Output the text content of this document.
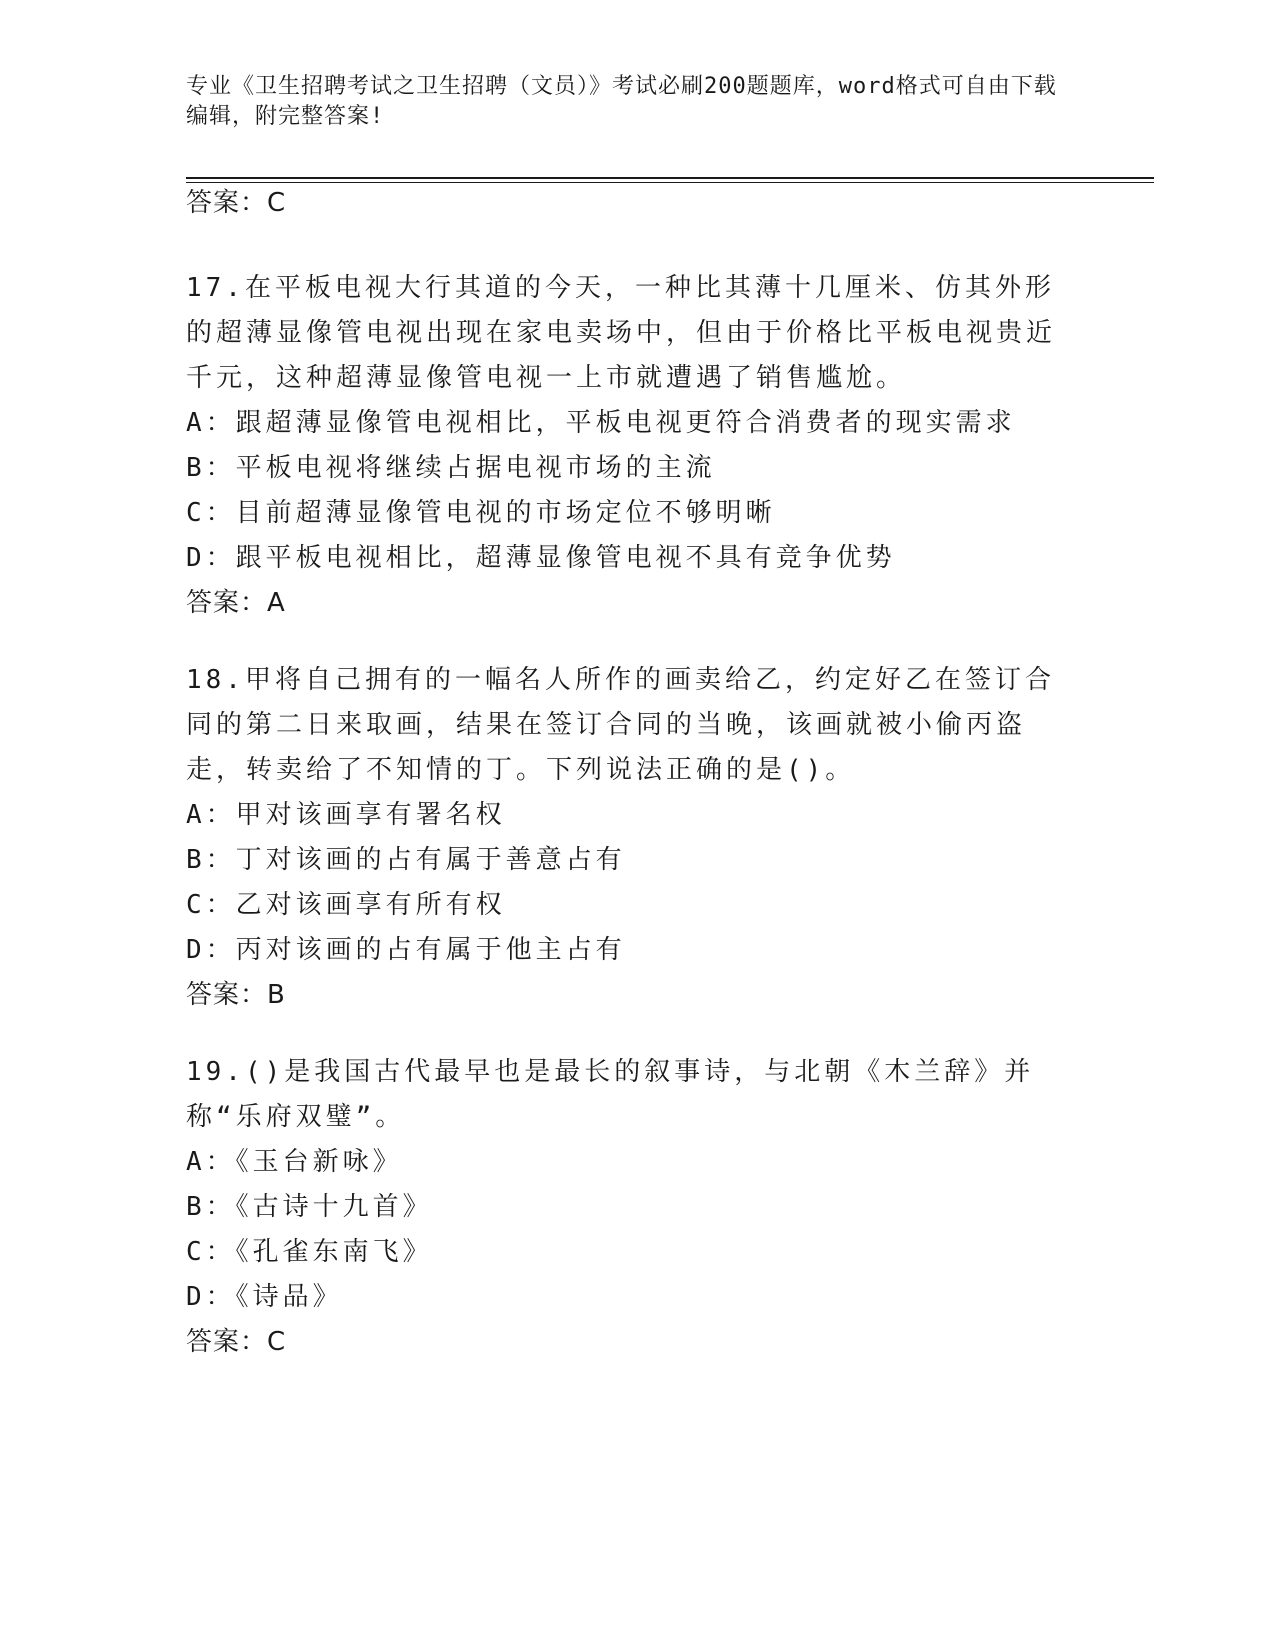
专业《卫生招聘考试之卫生招聘（文员）》考试必刷200题题库，word格式可自由下载编辑，附完整答案!
答案：C

17.在平板电视大行其道的今天，一种比其薄十几厘米、仿其外形的超薄显像管电视出现在家电卖场中，但由于价格比平板电视贵近千元，这种超薄显像管电视一上市就遭遇了销售尴尬。

A：跟超薄显像管电视相比，平板电视更符合消费者的现实需求

B：平板电视将继续占据电视市场的主流

C：目前超薄显像管电视的市场定位不够明晰

D：跟平板电视相比，超薄显像管电视不具有竞争优势

答案：A

18.甲将自己拥有的一幅名人所作的画卖给乙，约定好乙在签订合同的第二日来取画，结果在签订合同的当晚，该画就被小偷丙盗走，转卖给了不知情的丁。下列说法正确的是()。

A：甲对该画享有署名权

B：丁对该画的占有属于善意占有

C：乙对该画享有所有权

D：丙对该画的占有属于他主占有

答案：B

19.()是我国古代最早也是最长的叙事诗，与北朝《木兰辞》并称“乐府双璧”。

A：《玉台新咏》

B：《古诗十九首》

C：《孔雀东南飞》

D：《诗品》

答案：C
